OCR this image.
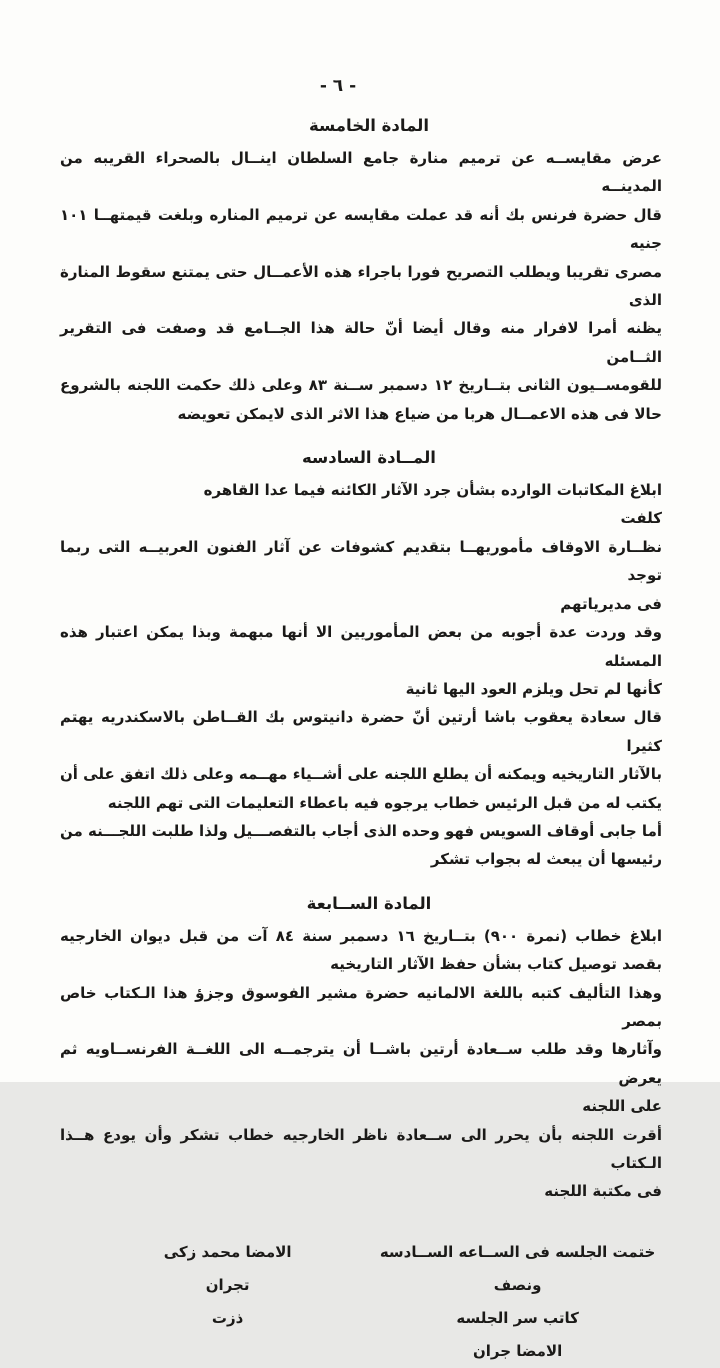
- ٦ -
المادة الخامسة
عرض مقايســه عن ترميم منارة جامع السلطان اينــال بالصحراء القريبه من المدينــه
قال حضرة فرنس بك أنه قد عملت مقايسه عن ترميم المناره وبلغت قيمتهــا ١٠١ جنيه
مصرى تقريبا ويطلب التصريح فورا باجراء هذه الأعمــال حتى يمتنع سقوط المنارة الذى
يظنه أمرا لافرار منه وقال أيضا أنّ حالة هذا الجــامع قد وصفت فى التقرير الثــامن
للقومســيون الثانى بتــاريخ ١٢ دسمبر ســنة ٨٣ وعلى ذلك حكمت اللجنه بالشروع
حالا فى هذه الاعمــال هربا من ضياع هذا الاثر الذى لايمكن تعويضه
المــادة السادسه
ابلاغ المكاتبات الوارده بشأن جرد الآثار الكائنه فيما عدا القاهره                            كلفت
نظــارة الاوقاف مأموريهــا بتقديم كشوفات عن آثار الفنون العربيــه التى ربما توجد
فى مديرياتهم
وقد وردت عدة أجوبه من بعض المأموريين الا أنها مبهمة وبذا يمكن اعتبار هذه المسئله
كأنها لم تحل ويلزم العود اليها ثانية
قال سعادة يعقوب باشا أرتين أنّ حضرة دانيتوس بك القــاطن بالاسكندريه يهتم كثيرا
بالآثار التاريخيه ويمكنه أن يطلع اللجنه على أشــياء مهــمه وعلى ذلك اتفق على أن
يكتب له من قبل الرئيس خطاب يرجوه فيه باعطاء التعليمات التى تهم اللجنه
أما جابى أوقاف السويس فهو وحده الذى أجاب بالتفصـــيل ولذا طلبت اللجـــنه من
رئيسها أن يبعث له بجواب تشكر
المادة الســابعة
ابلاغ خطاب (نمرة ٩٠٠) بتــاريخ ١٦ دسمبر سنة ٨٤ آت من قبل ديوان الخارجيه
بقصد توصيل كتاب بشأن حفظ الآثار التاريخيه
وهذا التأليف كتبه باللغة الالمانيه حضرة مشير الفوسوق وجزؤ هذا الـكتاب خاص بمصر
وآثارها وقد طلب ســعادة أرتين باشــا أن يترجمــه الى اللغــة الفرنســاويه ثم يعرض
على اللجنه
أقرت اللجنه بأن يحرر الى ســعادة ناظر الخارجيه خطاب تشكر وأن يودع هــذا الـكتاب
فى مكتبة اللجنه
ختمت الجلسه فى الســاعه الســادسه ونصف
كاتب سر الجلسه
الامضا جران
الامضا محمد زكى
تجران
ذزت
